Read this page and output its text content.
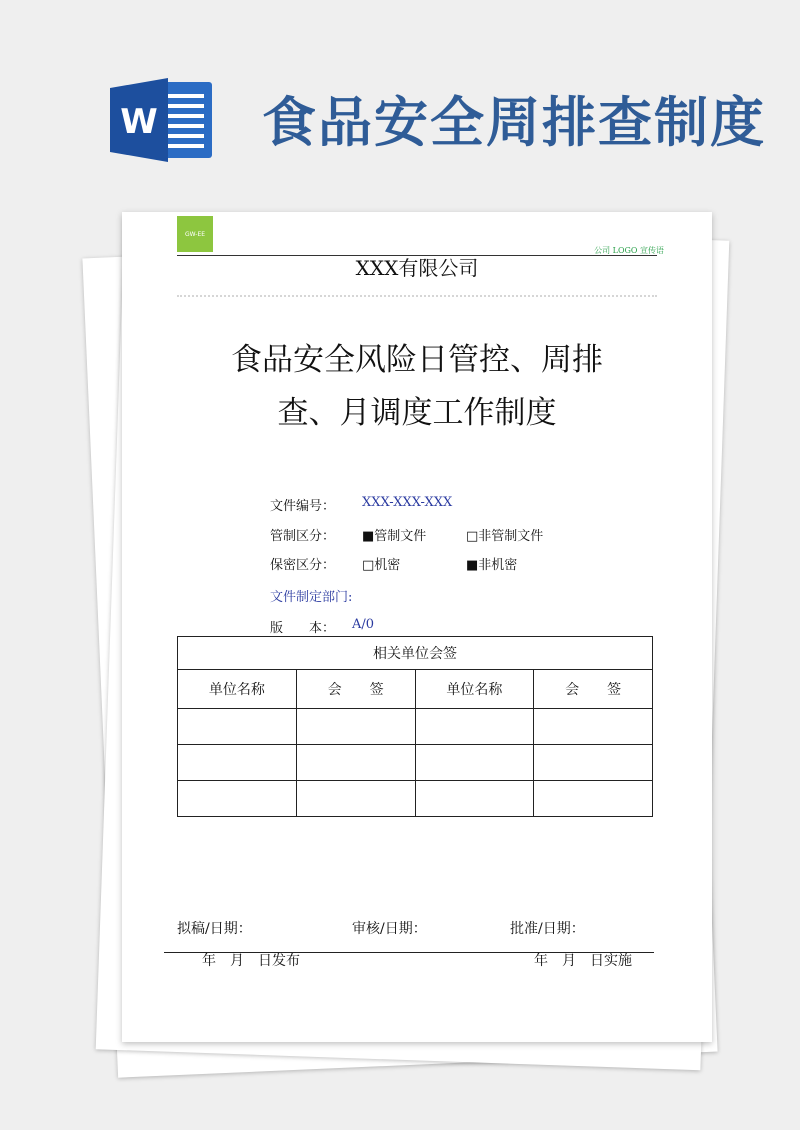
W 食品安全周排查制度
GW-EE
公司 LOGO 宣传语
XXX有限公司
食品安全风险日管控、周排
查、月调度工作制度
文件编号： XXX-XXX-XXX
管制区分： ■管制文件	□非管制文件
保密区分： □机密	■非机密
文件制定部门:
版　　本： A/0
相关单位会签			
单位名称	会　　签	单位名称	会　　签

拟稿/日期：	审核/日期：	批准/日期：
年　月　日发布	年　月　日实施
